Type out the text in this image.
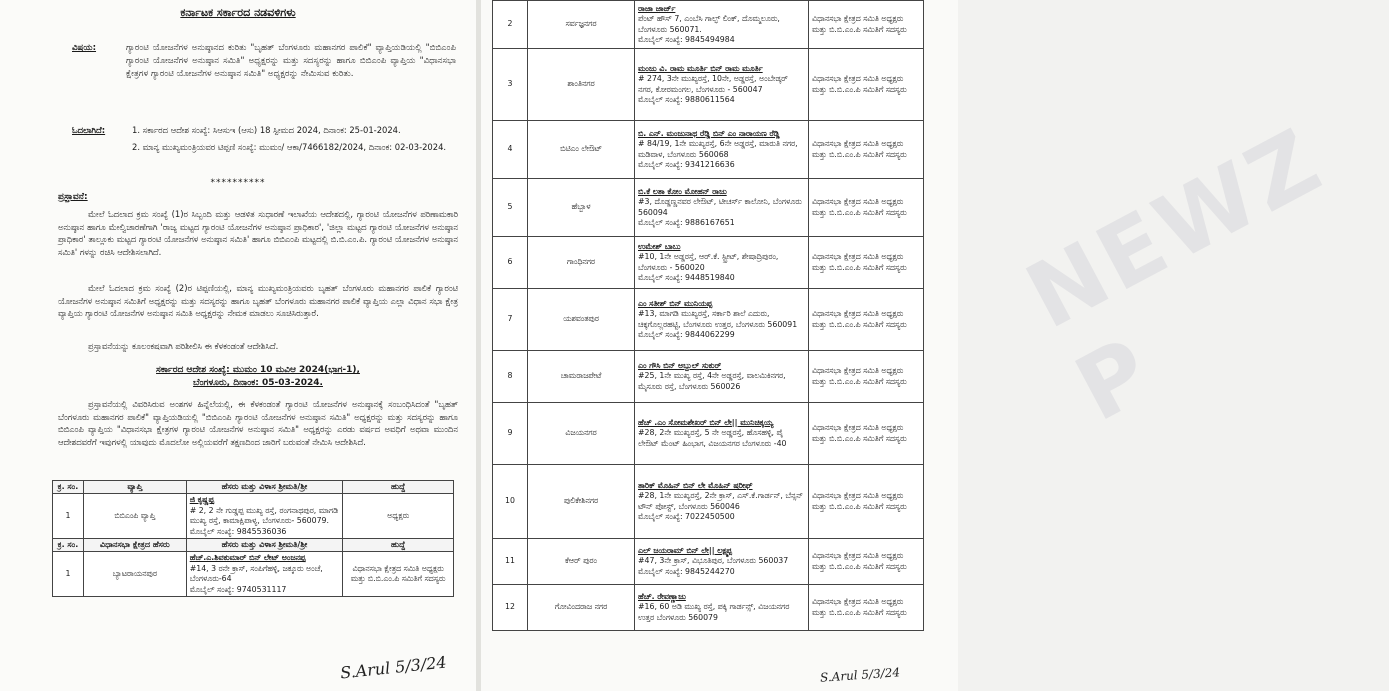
ಕರ್ನಾಟಕ ಸರ್ಕಾರದ ನಡವಳಿಗಳು
ವಿಷಯ:	ಗ್ಯಾರಂಟಿ ಯೋಜನೆಗಳ ಅನುಷ್ಠಾನದ ಕುರಿತು "ಬೃಹತ್ ಬೆಂಗಳೂರು ಮಹಾನಗರ ಪಾಲಿಕೆ" ವ್ಯಾಪ್ತಿಯಡಿಯಲ್ಲಿ "ಬಿಬಿಎಂಪಿ ಗ್ಯಾರಂಟಿ ಯೋಜನೆಗಳ ಅನುಷ್ಠಾನ ಸಮಿತಿ" ಅಧ್ಯಕ್ಷರನ್ನು ಮತ್ತು ಸದಸ್ಯರನ್ನು ಹಾಗೂ ಬಿಬಿಎಂಪಿ ವ್ಯಾಪ್ತಿಯ "ವಿಧಾನಸಭಾ ಕ್ಷೇತ್ರಗಳ ಗ್ಯಾರಂಟಿ ಯೋಜನೆಗಳ ಅನುಷ್ಠಾನ ಸಮಿತಿ" ಅಧ್ಯಕ್ಷರನ್ನು ನೇಮಿಸುವ ಕುರಿತು.
ಓದಲಾಗಿದೆ:	1. ಸರ್ಕಾರದ ಆದೇಶ ಸಂಖ್ಯೆ: ಸಿಆಸುಇ (ಆಸು) 18 ಸ್ಪೀಮದ 2024, ದಿನಾಂಕ: 25-01-2024.
2. ಮಾನ್ಯ ಮುಖ್ಯಮಂತ್ರಿಯವರ ಟಿಪ್ಪಣಿ ಸಂಖ್ಯೆ: ಮುಮಂ/ ಆಕಾ/7466182/2024, ದಿನಾಂಕ: 02-03-2024.
**********
ಪ್ರಸ್ತಾವನೆ:
ಮೇಲೆ ಓದಲಾದ ಕ್ರಮ ಸಂಖ್ಯೆ (1)ರ ಸಿಬ್ಬಂದಿ ಮತ್ತು ಆಡಳಿತ ಸುಧಾರಣೆ ಇಲಾಖೆಯ ಆದೇಶದಲ್ಲಿ, ಗ್ಯಾರಂಟಿ ಯೋಜನೆಗಳ ಪರಿಣಾಮಕಾರಿ ಅನುಷ್ಠಾನ ಹಾಗೂ ಮೇಲ್ವಿಚಾರಣೆಗಾಗಿ 'ರಾಜ್ಯ ಮಟ್ಟದ ಗ್ಯಾರಂಟಿ ಯೋಜನೆಗಳ ಅನುಷ್ಠಾನ ಪ್ರಾಧಿಕಾರ', 'ಜಿಲ್ಲಾ ಮಟ್ಟದ ಗ್ಯಾರಂಟಿ ಯೋಜನೆಗಳ ಅನುಷ್ಠಾನ ಪ್ರಾಧಿಕಾರ' ತಾಲ್ಲೂಕು ಮಟ್ಟದ ಗ್ಯಾರಂಟಿ ಯೋಜನೆಗಳ ಅನುಷ್ಠಾನ ಸಮಿತಿ' ಹಾಗೂ ಬಿಬಿಎಂಪಿ ಮಟ್ಟದಲ್ಲಿ ಬಿ.ಬಿ.ಎಂ.ಪಿ. ಗ್ಯಾರಂಟಿ ಯೋಜನೆಗಳ ಅನುಷ್ಠಾನ ಸಮಿತಿ' ಗಳನ್ನು ರಚಿಸಿ ಆದೇಶಿಸಲಾಗಿದೆ.
ಮೇಲೆ ಓದಲಾದ ಕ್ರಮ ಸಂಖ್ಯೆ (2)ರ ಟಿಪ್ಪಣಿಯಲ್ಲಿ, ಮಾನ್ಯ ಮುಖ್ಯಮಂತ್ರಿಯವರು ಬೃಹತ್ ಬೆಂಗಳೂರು ಮಹಾನಗರ ಪಾಲಿಕೆ ಗ್ಯಾರಂಟಿ ಯೋಜನೆಗಳ ಅನುಷ್ಠಾನ ಸಮಿತಿಗೆ ಅಧ್ಯಕ್ಷರನ್ನು ಮತ್ತು ಸದಸ್ಯರನ್ನು ಹಾಗೂ ಬೃಹತ್ ಬೆಂಗಳೂರು ಮಹಾನಗರ ಪಾಲಿಕೆ ವ್ಯಾಪ್ತಿಯ ಎಲ್ಲಾ ವಿಧಾನ ಸಭಾ ಕ್ಷೇತ್ರ ವ್ಯಾಪ್ತಿಯ ಗ್ಯಾರಂಟಿ ಯೋಜನೆಗಳ ಅನುಷ್ಠಾನ ಸಮಿತಿ ಅಧ್ಯಕ್ಷರನ್ನು ನೇಮಕ ಮಾಡಲು ಸೂಚಿಸಿರುತ್ತಾರೆ.
ಪ್ರಸ್ತಾವನೆಯನ್ನು ಕೂಲಂಕಷವಾಗಿ ಪರಿಶೀಲಿಸಿ ಈ ಕೆಳಕಂಡಂತೆ ಆದೇಶಿಸಿದೆ.
ಸರ್ಕಾರದ ಆದೇಶ ಸಂಖ್ಯೆ: ಮುಮಂ 10 ಮವಿಆ 2024(ಭಾಗ-1),
ಬೆಂಗಳೂರು, ದಿನಾಂಕ: 05-03-2024.
ಪ್ರಸ್ತಾವನೆಯಲ್ಲಿ ವಿವರಿಸಿರುವ ಅಂಶಗಳ ಹಿನ್ನೆಲೆಯಲ್ಲಿ, ಈ ಕೆಳಕಂಡಂತೆ ಗ್ಯಾರಂಟಿ ಯೋಜನೆಗಳ ಅನುಷ್ಠಾನಕ್ಕೆ ಸಂಬಂಧಿಸಿದಂತೆ "ಬೃಹತ್ ಬೆಂಗಳೂರು ಮಹಾನಗರ ಪಾಲಿಕೆ" ವ್ಯಾಪ್ತಿಯಡಿಯಲ್ಲಿ "ಬಿಬಿಎಂಪಿ ಗ್ಯಾರಂಟಿ ಯೋಜನೆಗಳ ಅನುಷ್ಠಾನ ಸಮಿತಿ" ಅಧ್ಯಕ್ಷರನ್ನು ಮತ್ತು ಸದಸ್ಯರನ್ನು ಹಾಗೂ ಬಿಬಿಎಂಪಿ ವ್ಯಾಪ್ತಿಯ "ವಿಧಾನಸಭಾ ಕ್ಷೇತ್ರಗಳ ಗ್ಯಾರಂಟಿ ಯೋಜನೆಗಳ ಅನುಷ್ಠಾನ ಸಮಿತಿ" ಅಧ್ಯಕ್ಷರನ್ನು ಎರಡು ವರ್ಷದ ಅವಧಿಗೆ ಅಥವಾ ಮುಂದಿನ ಆದೇಶದವರೆಗೆ ಇವುಗಳಲ್ಲಿ ಯಾವುದು ಮೊದಲೋ ಅಲ್ಲಿಯವರೆಗೆ ತಕ್ಷಣದಿಂದ ಜಾರಿಗೆ ಬರುವಂತೆ ನೇಮಿಸಿ ಆದೇಶಿಸಿದೆ.
ಕ್ರ. ಸಂ.	ವ್ಯಾಪ್ತಿ	ಹೆಸರು ಮತ್ತು ವಿಳಾಸ ಶ್ರೀಮತಿ/ಶ್ರೀ	ಹುದ್ದೆ
1	ಬಿಬಿಎಂಪಿ ವ್ಯಾಪ್ತಿ	ಜಿ ಕೃಷ್ಣಪ್ಪ
# 2, 2 ನೇ ಗುಡ್ಡಪ್ಪ ಮುಖ್ಯ ರಸ್ತೆ, ರಂಗನಾಥಪುರ, ಮಾಗಡಿ ಮುಖ್ಯ ರಸ್ತೆ, ಕಾಮಾಕ್ಷಿಪಾಳ್ಯ, ಬೆಂಗಳೂರು- 560079.
ಮೊಬೈಲ್ ಸಂಖ್ಯೆ: 9845536036	ಅಧ್ಯಕ್ಷರು
ಕ್ರ. ಸಂ.	ವಿಧಾನಸಭಾ ಕ್ಷೇತ್ರದ ಹೆಸರು	ಹೆಸರು ಮತ್ತು ವಿಳಾಸ ಶ್ರೀಮತಿ/ಶ್ರೀ	ಹುದ್ದೆ
1	ಬ್ಯಾಟರಾಯನಪುರ	ಹೆಚ್.ಎ.ಶಿವಕುಮಾರ್ ಬಿನ್ ಲೇಟ್ ಅಂಜನಪ್ಪ
#14, 3 ರನೇ ಕ್ರಾಸ್, ಸಂಪಿಗೆಹಳ್ಳಿ, ಜಕ್ಕೂರು ಅಂಚೆ, ಬೆಂಗಳೂರು-64
ಮೊಬೈಲ್ ಸಂಖ್ಯೆ: 9740531117	ವಿಧಾನಸಭಾ ಕ್ಷೇತ್ರದ ಸಮಿತಿ ಅಧ್ಯಕ್ಷರು ಮತ್ತು ಬಿ.ಬಿ.ಎಂ.ಪಿ ಸಮಿತಿಗೆ ಸದಸ್ಯರು
S.Arul 5/3/24
NEWZ P
2	ಸರ್ವಜ್ಞನಗರ	ರಾಜಾ ಜಾರ್ಜ್
ಪೆಂಟ್ ಹೌಸ್ 7, ಎಂಬೆಸಿ ಗಾಲ್ಫ್ ಲಿಂಕ್, ದೊಮ್ಮಲೂರು, ಬೆಂಗಳೂರು 560071.
ಮೊಬೈಲ್ ಸಂಖ್ಯೆ: 9845494984	ವಿಧಾನಸಭಾ ಕ್ಷೇತ್ರದ ಸಮಿತಿ ಅಧ್ಯಕ್ಷರು ಮತ್ತು ಬಿ.ಬಿ.ಎಂ.ಪಿ ಸಮಿತಿಗೆ ಸದಸ್ಯರು
3	ಶಾಂತಿನಗರ	ಮಂಜು ವಿ. ರಾಮ ಮೂರ್ತಿ ಬಿನ್ ರಾಮ ಮೂರ್ತಿ
# 274, 3ನೇ ಮುಖ್ಯರಸ್ತೆ, 10ನೇ, ಅಡ್ಡರಸ್ತೆ, ಅಂಬೇಡ್ಕರ್ ನಗರ, ಕೋರಮಂಗಲ, ಬೆಂಗಳೂರು - 560047
ಮೊಬೈಲ್ ಸಂಖ್ಯೆ: 9880611564	ವಿಧಾನಸಭಾ ಕ್ಷೇತ್ರದ ಸಮಿತಿ ಅಧ್ಯಕ್ಷರು ಮತ್ತು ಬಿ.ಬಿ.ಎಂ.ಪಿ ಸಮಿತಿಗೆ ಸದಸ್ಯರು
4	ಬಿಟಿಎಂ ಲೇಔಟ್	ಬಿ. ಎನ್. ಮಂಜುನಾಥ ರೆಡ್ಡಿ ಬಿನ್ ಎಂ ನಾರಾಯಣ ರೆಡ್ಡಿ
# 84/19, 1ನೇ ಮುಖ್ಯರಸ್ತೆ, 6ನೇ ಅಡ್ಡರಸ್ತೆ, ಮಾರುತಿ ನಗರ, ಮಡಿವಾಳ, ಬೆಂಗಳೂರು 560068
ಮೊಬೈಲ್ ಸಂಖ್ಯೆ: 9341216636	ವಿಧಾನಸಭಾ ಕ್ಷೇತ್ರದ ಸಮಿತಿ ಅಧ್ಯಕ್ಷರು ಮತ್ತು ಬಿ.ಬಿ.ಎಂ.ಪಿ ಸಮಿತಿಗೆ ಸದಸ್ಯರು
5	ಹೆಬ್ಬಾಳ	ಬಿ.ಕೆ ಲತಾ ಕೋಂ ಮೋಹನ್ ರಾಜು
#3, ದೊಡ್ಡಣ್ಣನವರ ಲೇಔಟ್, ಟೀಚರ್ಸ್ ಕಾಲೋನಿ, ಬೆಂಗಳೂರು 560094
ಮೊಬೈಲ್ ಸಂಖ್ಯೆ: 9886167651	ವಿಧಾನಸಭಾ ಕ್ಷೇತ್ರದ ಸಮಿತಿ ಅಧ್ಯಕ್ಷರು ಮತ್ತು ಬಿ.ಬಿ.ಎಂ.ಪಿ ಸಮಿತಿಗೆ ಸದಸ್ಯರು
6	ಗಾಂಧಿನಗರ	ಉಮೇಶ್ ಬಾಬು
#10, 1ನೇ ಅಡ್ಡರಸ್ತೆ, ಆರ್.ಕೆ. ಸ್ಟ್ರೀಟ್, ಶೇಷಾದ್ರಿಪುರಂ, ಬೆಂಗಳೂರು - 560020
ಮೊಬೈಲ್ ಸಂಖ್ಯೆ: 9448519840	ವಿಧಾನಸಭಾ ಕ್ಷೇತ್ರದ ಸಮಿತಿ ಅಧ್ಯಕ್ಷರು ಮತ್ತು ಬಿ.ಬಿ.ಎಂ.ಪಿ ಸಮಿತಿಗೆ ಸದಸ್ಯರು
7	ಯಶವಂತಪುರ	ಎಂ ಸತೀಶ್ ಬಿನ್ ಮುನಿಯಪ್ಪ
#13, ಮಾಗಡಿ ಮುಖ್ಯರಸ್ತೆ, ಸರ್ಕಾರಿ ಶಾಲೆ ಎದುರು, ಚಿಕ್ಕಗೊಲ್ಲರಹಟ್ಟಿ, ಬೆಂಗಳೂರು ಉತ್ತರ, ಬೆಂಗಳೂರು 560091
ಮೊಬೈಲ್ ಸಂಖ್ಯೆ: 9844062299	ವಿಧಾನಸಭಾ ಕ್ಷೇತ್ರದ ಸಮಿತಿ ಅಧ್ಯಕ್ಷರು ಮತ್ತು ಬಿ.ಬಿ.ಎಂ.ಪಿ ಸಮಿತಿಗೆ ಸದಸ್ಯರು
8	ಚಾಮರಾಜಪೇಟೆ	ಎಂ ಗೌಸಿ ಬಿನ್ ಅಬ್ದುಲ್ ಸುಕುರ್
#25, 1ನೇ ಮುಖ್ಯ ರಸ್ತೆ, 4ನೇ ಅಡ್ಡರಸ್ತೆ, ವಾಲಮಿಕಿನಗರ, ಮೈಸೂರು ರಸ್ತೆ, ಬೆಂಗಳೂರು 560026	ವಿಧಾನಸಭಾ ಕ್ಷೇತ್ರದ ಸಮಿತಿ ಅಧ್ಯಕ್ಷರು ಮತ್ತು ಬಿ.ಬಿ.ಎಂ.ಪಿ ಸಮಿತಿಗೆ ಸದಸ್ಯರು
9	ವಿಜಯನಗರ	ಹೆಚ್ .ಎಂ ಸೋಮಶೇಖರ್ ಬಿನ್ ಲೇ|| ಮುನಿಚಿಕ್ಕಯ್ಯ
#28, 2ನೇ ಮುಖ್ಯರಸ್ತೆ, 5 ನೇ ಅಡ್ಡರಸ್ತೆ, ಹೊಸಹಳ್ಳಿ, ಪೈ ಲೇಔಟ್ ಮೆಂಟ್ ಹಿಂಭಾಗ, ವಿಜಯನಗರ ಬೆಂಗಳೂರು -40	ವಿಧಾನಸಭಾ ಕ್ಷೇತ್ರದ ಸಮಿತಿ ಅಧ್ಯಕ್ಷರು ಮತ್ತು ಬಿ.ಬಿ.ಎಂ.ಪಿ ಸಮಿತಿಗೆ ಸದಸ್ಯರು
10	ಪುಲಿಕೇಶಿನಗರ	ತಾರಿಕ್ ಮೊಹಿನ್ ಬಿನ್ ಲೇ ಮೊಹಿನ್ ಷರೀಫ್
#28, 1ನೇ ಮುಖ್ಯರಸ್ತೆ, 2ನೇ ಕ್ರಾಸ್, ಎಸ್.ಕೆ.ಗಾರ್ಡನ್, ಬೆನ್ಸನ್ ಟೌನ್ ಪೋಸ್ಟ್, ಬೆಂಗಳೂರು 560046
ಮೊಬೈಲ್ ಸಂಖ್ಯೆ: 7022450500	ವಿಧಾನಸಭಾ ಕ್ಷೇತ್ರದ ಸಮಿತಿ ಅಧ್ಯಕ್ಷರು ಮತ್ತು ಬಿ.ಬಿ.ಎಂ.ಪಿ ಸಮಿತಿಗೆ ಸದಸ್ಯರು
11	ಕೆಆರ್ ಪುರಂ	ಎಲ್ ಜಯರಾಮ್ ಬಿನ್ ಲೇ|| ಲಕ್ಷ್ಮಪ್ಪ
#47, 3ನೇ ಕ್ರಾಸ್, ವಿಭೂತಿಪುರ, ಬೆಂಗಳೂರು 560037
ಮೊಬೈಲ್ ಸಂಖ್ಯೆ: 9845244270	ವಿಧಾನಸಭಾ ಕ್ಷೇತ್ರದ ಸಮಿತಿ ಅಧ್ಯಕ್ಷರು ಮತ್ತು ಬಿ.ಬಿ.ಎಂ.ಪಿ ಸಮಿತಿಗೆ ಸದಸ್ಯರು
12	ಗೋವಿಂದರಾಜ ನಗರ	ಹೆಚ್. ರೇವಣ್ಣಾಜು
#16, 60 ಅಡಿ ಮುಖ್ಯ ರಸ್ತೆ, ಪಕ್ಕಿ ಗಾರ್ಡನ್ಸ್, ವಿಜಯನಗರ ಉತ್ತರ ಬೆಂಗಳೂರು 560079	ವಿಧಾನಸಭಾ ಕ್ಷೇತ್ರದ ಸಮಿತಿ ಅಧ್ಯಕ್ಷರು ಮತ್ತು ಬಿ.ಬಿ.ಎಂ.ಪಿ ಸಮಿತಿಗೆ ಸದಸ್ಯರು
S.Arul 5/3/24
